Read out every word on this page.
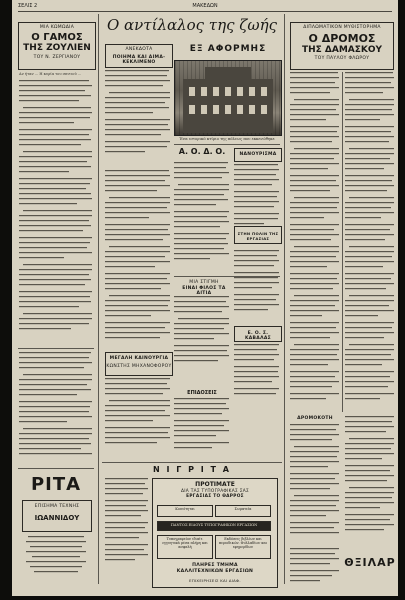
ΣΕΛΙΣ 2	ΜΑΚΕΔΩΝ
ΜΙΑ ΚΩΜΩΔΙΑ
Ο ΓΑΜΟΣ
ΤΗΣ ΖΟΥΛΙΕΝ
ΤΟΥ Ν. ΖΕΡΓΙΑΝΟΥ
Αν ήταν ... Η κυρία του σπιτιού ...
ΡΙΤΑ
ΕΠΙΣΗΜΑ ΤΕΧΝΗΣ
ΙΩΑΝΝΙΔΟΥ
Ο αντίλαλος της ζωής
ΑΝΕΚΔΟΤΑ
ΠΟΙΗΜΑ ΚΑΙ ΑΙΜΑ-ΚΕΚΛΙΜΕΝΟ
ΕΞ ΑΦΟΡΜΗΣ
Ένα ιστορικό κτίριο της πόλεως που εκκενώθηκε
Α. Ο. Δ. Ο.	ΝΑΝΟΥΡΙΣΜΑ
ΣΤΗΝ ΠΟΛΙΝ ΤΗΣ ΕΡΓΑΣΙΑΣ
ΜΙΑ ΣΤΙΓΜΗ
ΕΙΝΑΙ ΦΙΛΟΣ ΤΑ ΑΙΤΙΑ
Ε. Ο. Σ. ΚΑΒΑΛΑΣ
ΜΕΓΑΛΗ ΚΑΙΝΟΥΡΓΙΑ
ΚΩΝΣΤΗΣ ΜΗΧΑΝΟΦΟΡΟΥ
ΕΠΙΔΟΣΕΙΣ
Ν Ι Γ Ρ Ι Τ Α
ΠΡΟΤΙΜΑΤΕ
ΔΙΑ ΤΑΣ ΤΥΠΟΓΡΑΦΙΚΑΣ ΣΑΣ
ΕΡΓΑΣΙΑΣ ΤΟ ΘΑΡΡΟΣ
Κοινότηται	Σωματεία
ΠΑΝΤΟΣ ΕΙΔΟΥΣ ΤΥΠΟΓΡΑΦΙΚΩΝ ΕΡΓΑΣΙΩΝ
Τυπογραφείον ιδιαίτ. εγγυητικά μέσα πλήρη και ασφαλή
Εκδόσεις βιβλίων και περιοδικών. Φυλλαδίων και εφημερίδων
ΠΛΗΡΕΣ ΤΜΗΜΑ
ΚΑΛΛΙΤΕΧΝΙΚΩΝ ΕΡΓΑΣΙΩΝ
ΕΠΙΧΕΙΡΗΣΕΙΣ ΚΑΙ ΔΙΑΦ.
ΔΙΠΛΩΜΑΤΙΚΟΝ ΜΥΘΙΣΤΟΡΗΜΑ
Ο ΔΡΟΜΟΣ
ΤΗΣ ΔΑΜΑΣΚΟΥ
ΤΟΥ ΠΑΥΛΟΥ ΦΛΩΡΟΥ
ΔΡΟΜΟΚΟΤΗ
ΘΞΙΛΑΡ
